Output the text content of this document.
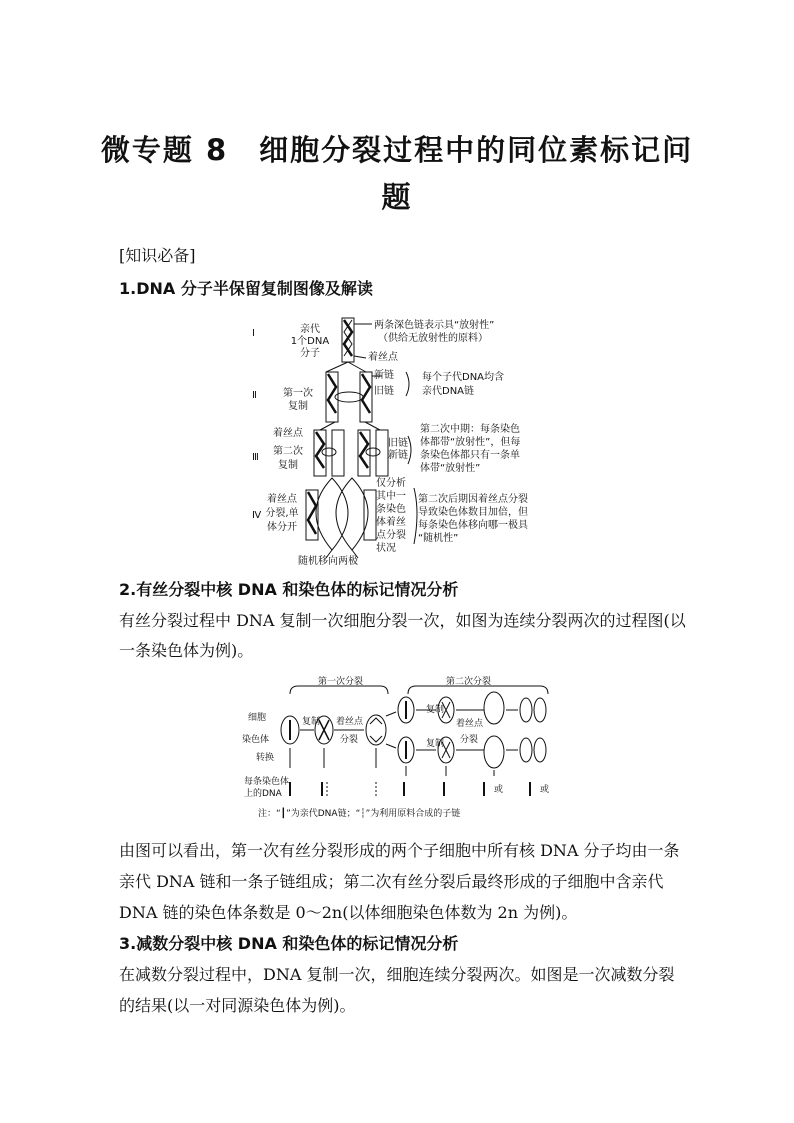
微专题 8　细胞分裂过程中的同位素标记问
题
[知识必备]
1.DNA 分子半保留复制图像及解读
Ⅰ
Ⅱ
Ⅲ
Ⅳ
亲代
1个DNA
分子
第一次
复制
着丝点
第二次
复制
着丝点
分裂,单
体分开
两条深色链表示具“放射性”
（供给无放射性的原料）
着丝点
新链
旧链
每个子代DNA均含
亲代DNA链
旧链
新链
第二次中期：每条染色
体都带“放射性”，但每
条染色体都只有一条单
体带“放射性”
仅分析
其中一
条染色
体着丝
点分裂
状况
第二次后期因着丝点分裂
导致染色体数目加倍，但
每条染色体移向哪一极具
“随机性”
随机移向两极
2.有丝分裂中核 DNA 和染色体的标记情况分析
有丝分裂过程中 DNA 复制一次细胞分裂一次，如图为连续分裂两次的过程图(以
一条染色体为例)。
第一次分裂	第二次分裂
细胞
染色体
转换
每条染色体
上的DNA
复制 着丝点
分裂
复制
复制
着丝点
分裂
或	或
注：“┃”为亲代DNA链；“┆”为利用原料合成的子链
由图可以看出，第一次有丝分裂形成的两个子细胞中所有核 DNA 分子均由一条
亲代 DNA 链和一条子链组成；第二次有丝分裂后最终形成的子细胞中含亲代
DNA 链的染色体条数是 0～2n(以体细胞染色体数为 2n 为例)。
3.减数分裂中核 DNA 和染色体的标记情况分析
在减数分裂过程中，DNA 复制一次，细胞连续分裂两次。如图是一次减数分裂
的结果(以一对同源染色体为例)。
